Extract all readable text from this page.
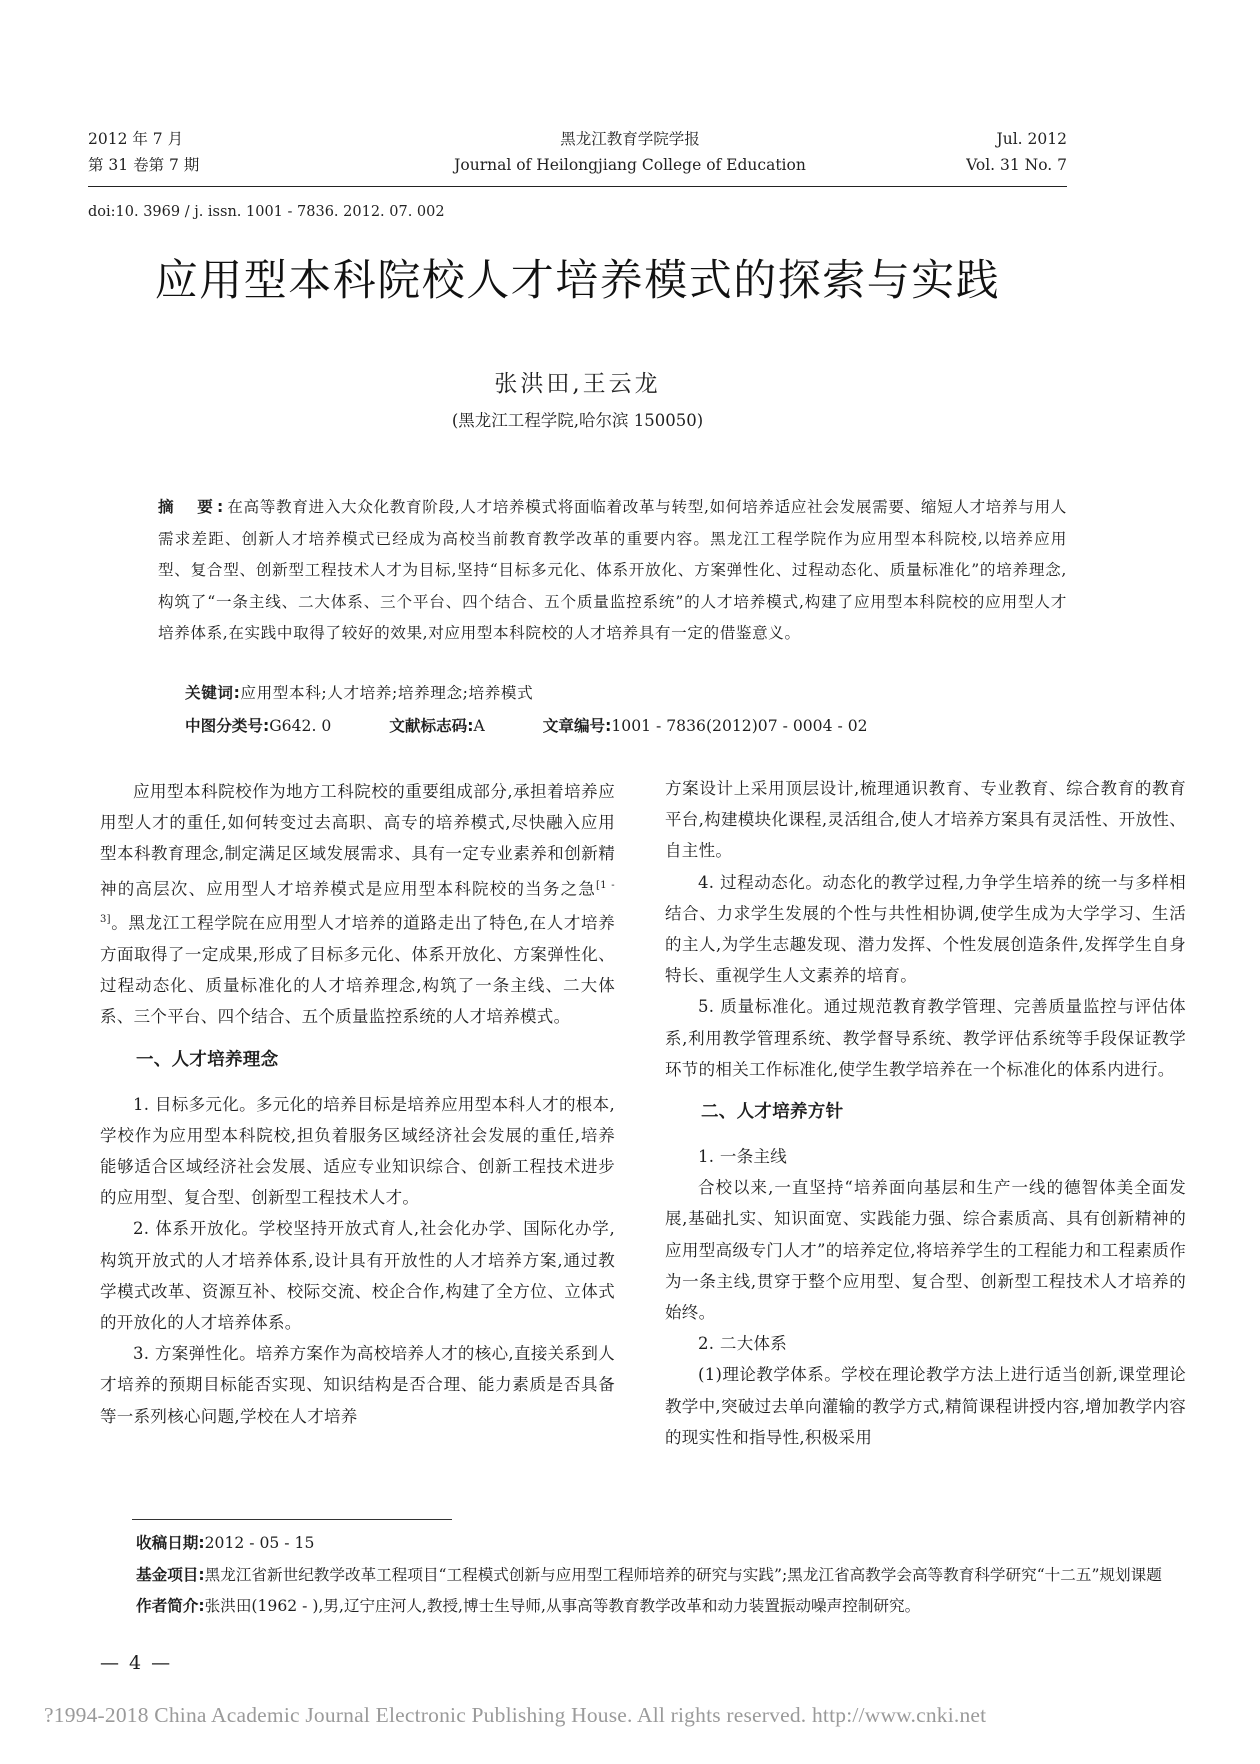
2012 年 7 月
第 31 卷第 7 期
黑龙江教育学院学报
Journal of Heilongjiang College of Education
Jul. 2012
Vol. 31 No. 7
doi:10. 3969 / j. issn. 1001 - 7836. 2012. 07. 002
应用型本科院校人才培养模式的探索与实践
张洪田,王云龙
(黑龙江工程学院,哈尔滨 150050)
摘　要:在高等教育进入大众化教育阶段,人才培养模式将面临着改革与转型,如何培养适应社会发展需要、缩短人才培养与用人需求差距、创新人才培养模式已经成为高校当前教育教学改革的重要内容。黑龙江工程学院作为应用型本科院校,以培养应用型、复合型、创新型工程技术人才为目标,坚持“目标多元化、体系开放化、方案弹性化、过程动态化、质量标准化”的培养理念,构筑了“一条主线、二大体系、三个平台、四个结合、五个质量监控系统”的人才培养模式,构建了应用型本科院校的应用型人才培养体系,在实践中取得了较好的效果,对应用型本科院校的人才培养具有一定的借鉴意义。
关键词:应用型本科;人才培养;培养理念;培养模式
中图分类号:G642. 0	文献标志码:A	文章编号:1001 - 7836(2012)07 - 0004 - 02

应用型本科院校作为地方工科院校的重要组成部分,承担着培养应用型人才的重任,如何转变过去高职、高专的培养模式,尽快融入应用型本科教育理念,制定满足区域发展需求、具有一定专业素养和创新精神的高层次、应用型人才培养模式是应用型本科院校的当务之急[1 - 3]。黑龙江工程学院在应用型人才培养的道路走出了特色,在人才培养方面取得了一定成果,形成了目标多元化、体系开放化、方案弹性化、过程动态化、质量标准化的人才培养理念,构筑了一条主线、二大体系、三个平台、四个结合、五个质量监控系统的人才培养模式。

一、人才培养理念

1. 目标多元化。多元化的培养目标是培养应用型本科人才的根本,学校作为应用型本科院校,担负着服务区域经济社会发展的重任,培养能够适合区域经济社会发展、适应专业知识综合、创新工程技术进步的应用型、复合型、创新型工程技术人才。

2. 体系开放化。学校坚持开放式育人,社会化办学、国际化办学,构筑开放式的人才培养体系,设计具有开放性的人才培养方案,通过教学模式改革、资源互补、校际交流、校企合作,构建了全方位、立体式的开放化的人才培养体系。

3. 方案弹性化。培养方案作为高校培养人才的核心,直接关系到人才培养的预期目标能否实现、知识结构是否合理、能力素质是否具备等一系列核心问题,学校在人才培养

方案设计上采用顶层设计,梳理通识教育、专业教育、综合教育的教育平台,构建模块化课程,灵活组合,使人才培养方案具有灵活性、开放性、自主性。

4. 过程动态化。动态化的教学过程,力争学生培养的统一与多样相结合、力求学生发展的个性与共性相协调,使学生成为大学学习、生活的主人,为学生志趣发现、潜力发挥、个性发展创造条件,发挥学生自身特长、重视学生人文素养的培育。

5. 质量标准化。通过规范教育教学管理、完善质量监控与评估体系,利用教学管理系统、教学督导系统、教学评估系统等手段保证教学环节的相关工作标准化,使学生教学培养在一个标准化的体系内进行。

二、人才培养方针

1. 一条主线

合校以来,一直坚持“培养面向基层和生产一线的德智体美全面发展,基础扎实、知识面宽、实践能力强、综合素质高、具有创新精神的应用型高级专门人才”的培养定位,将培养学生的工程能力和工程素质作为一条主线,贯穿于整个应用型、复合型、创新型工程技术人才培养的始终。

2. 二大体系

(1)理论教学体系。学校在理论教学方法上进行适当创新,课堂理论教学中,突破过去单向灌输的教学方式,精简课程讲授内容,增加教学内容的现实性和指导性,积极采用

收稿日期:2012 - 05 - 15

基金项目:黑龙江省新世纪教学改革工程项目“工程模式创新与应用型工程师培养的研究与实践”;黑龙江省高教学会高等教育科学研究“十二五”规划课题

作者简介:张洪田(1962 - ),男,辽宁庄河人,教授,博士生导师,从事高等教育教学改革和动力装置振动噪声控制研究。

— 4 —
?1994-2018 China Academic Journal Electronic Publishing House. All rights reserved. http://www.cnki.net
